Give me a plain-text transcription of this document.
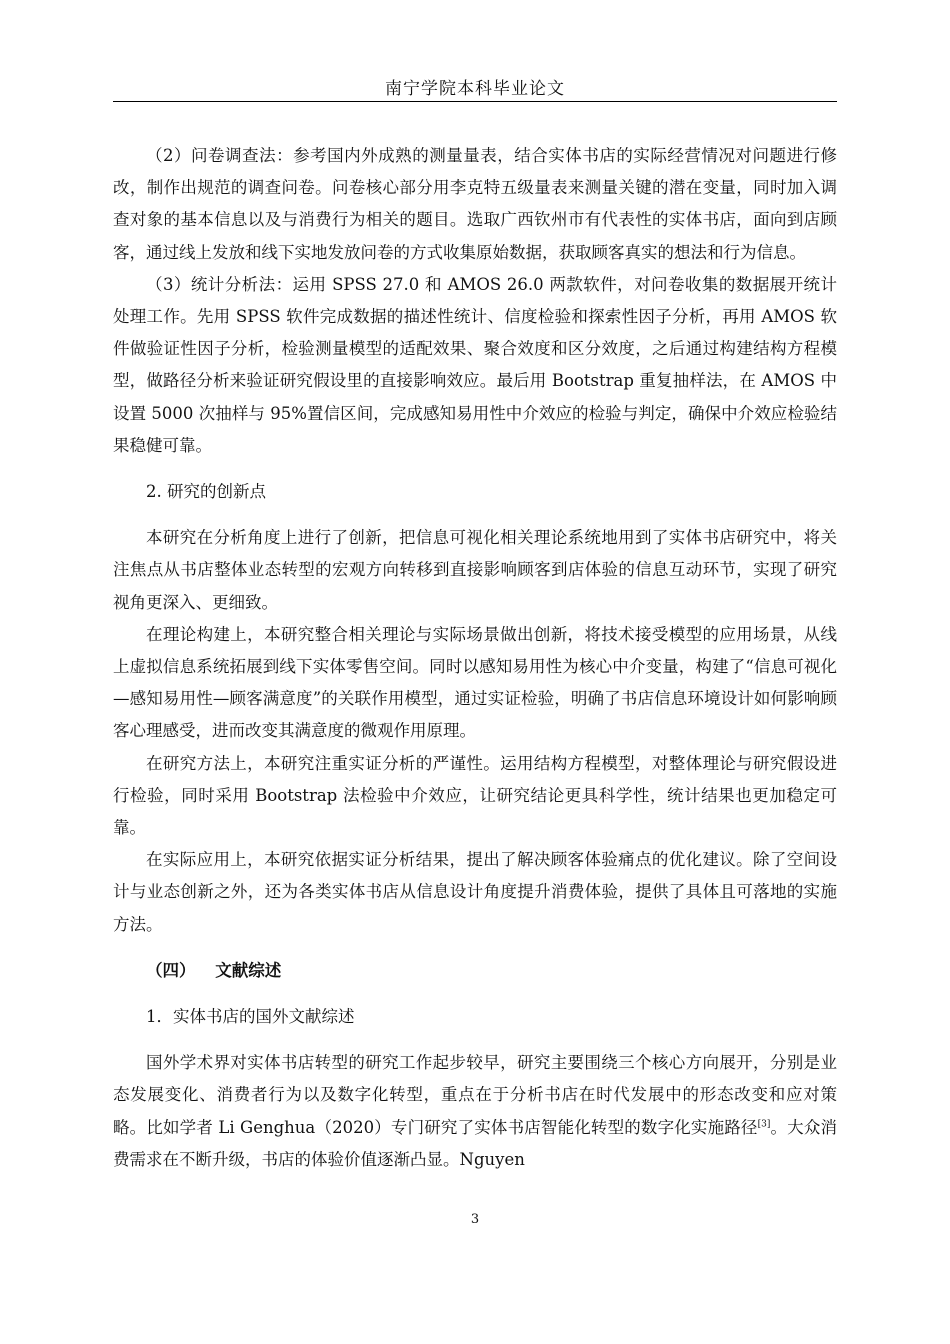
南宁学院本科毕业论文

（2）问卷调查法：参考国内外成熟的测量量表，结合实体书店的实际经营情况对问题进行修改，制作出规范的调查问卷。问卷核心部分用李克特五级量表来测量关键的潜在变量，同时加入调查对象的基本信息以及与消费行为相关的题目。选取广西钦州市有代表性的实体书店，面向到店顾客，通过线上发放和线下实地发放问卷的方式收集原始数据，获取顾客真实的想法和行为信息。

（3）统计分析法：运用 SPSS 27.0 和 AMOS 26.0 两款软件，对问卷收集的数据展开统计处理工作。先用 SPSS 软件完成数据的描述性统计、信度检验和探索性因子分析，再用 AMOS 软件做验证性因子分析，检验测量模型的适配效果、聚合效度和区分效度，之后通过构建结构方程模型，做路径分析来验证研究假设里的直接影响效应。最后用 Bootstrap 重复抽样法，在 AMOS 中设置 5000 次抽样与 95%置信区间，完成感知易用性中介效应的检验与判定，确保中介效应检验结果稳健可靠。

2. 研究的创新点

本研究在分析角度上进行了创新，把信息可视化相关理论系统地用到了实体书店研究中，将关注焦点从书店整体业态转型的宏观方向转移到直接影响顾客到店体验的信息互动环节，实现了研究视角更深入、更细致。

在理论构建上，本研究整合相关理论与实际场景做出创新，将技术接受模型的应用场景，从线上虚拟信息系统拓展到线下实体零售空间。同时以感知易用性为核心中介变量，构建了“信息可视化—感知易用性—顾客满意度”的关联作用模型，通过实证检验，明确了书店信息环境设计如何影响顾客心理感受，进而改变其满意度的微观作用原理。

在研究方法上，本研究注重实证分析的严谨性。运用结构方程模型，对整体理论与研究假设进行检验，同时采用 Bootstrap 法检验中介效应，让研究结论更具科学性，统计结果也更加稳定可靠。

在实际应用上，本研究依据实证分析结果，提出了解决顾客体验痛点的优化建议。除了空间设计与业态创新之外，还为各类实体书店从信息设计角度提升消费体验，提供了具体且可落地的实施方法。

（四） 文献综述
1．实体书店的国外文献综述

国外学术界对实体书店转型的研究工作起步较早，研究主要围绕三个核心方向展开，分别是业态发展变化、消费者行为以及数字化转型，重点在于分析书店在时代发展中的形态改变和应对策略。比如学者 Li Genghua（2020）专门研究了实体书店智能化转型的数字化实施路径[3]。大众消费需求在不断升级，书店的体验价值逐渐凸显。Nguyen

3
